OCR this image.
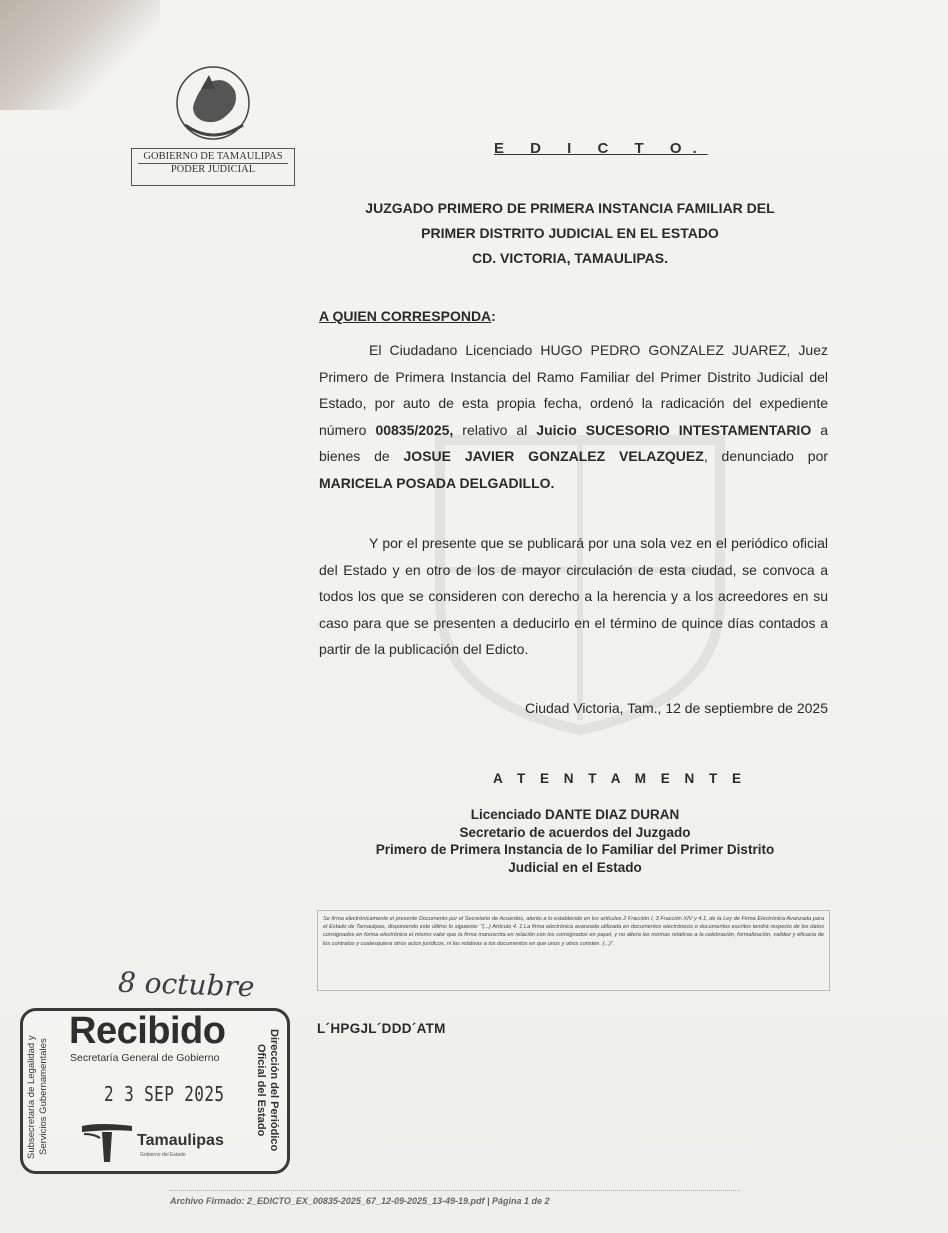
GOBIERNO DE TAMAULIPAS
PODER JUDICIAL
E D I C T O.
JUZGADO PRIMERO DE PRIMERA INSTANCIA FAMILIAR DEL
PRIMER DISTRITO JUDICIAL EN EL ESTADO
CD. VICTORIA, TAMAULIPAS.
A QUIEN CORRESPONDA:
El Ciudadano Licenciado HUGO PEDRO GONZALEZ JUAREZ, Juez Primero de Primera Instancia del Ramo Familiar del Primer Distrito Judicial del Estado, por auto de esta propia fecha, ordenó la radicación del expediente número 00835/2025, relativo al Juicio SUCESORIO INTESTAMENTARIO a bienes de JOSUE JAVIER GONZALEZ VELAZQUEZ, denunciado por MARICELA POSADA DELGADILLO.
Y por el presente que se publicará por una sola vez en el periódico oficial del Estado y en otro de los de mayor circulación de esta ciudad, se convoca a todos los que se consideren con derecho a la herencia y a los acreedores en su caso para que se presenten a deducirlo en el término de quince días contados a partir de la publicación del Edicto.
Ciudad Victoria, Tam., 12 de septiembre de 2025
A T E N T A M E N T E
Licenciado DANTE DIAZ DURAN
Secretario de acuerdos del Juzgado
Primero de Primera Instancia de lo Familiar del Primer Distrito
Judicial en el Estado
Se firma electrónicamente el presente Documento por el Secretario de Acuerdos, atento a lo establecido en los artículos 2 Fracción I, 3 Fracción XIV y 4.1, de la Ley de Firma Electrónica Avanzada para el Estado de Tamaulipas, disponiendo este último lo siguiente: "(...) Artículo 4. 1.La firma electrónica avanzada utilizada en documentos electrónicos o documentos escritos tendrá respecto de los datos consignados en forma electrónica el mismo valor que la firma manuscrita en relación con los consignados en papel, y no altera las normas relativas a la celebración, formalización, validez y eficacia de los contratos y cualesquiera otros actos jurídicos, ni las relativas a los documentos en que unos y otros consten. (...)".
L´HPGJL´DDD´ATM
Subsecretaría de Legalidad y Servicios Gubernamentales	Dirección del Periódico Oficial del Estado
Recibido
Secretaría General de Gobierno
2 3 SEP 2025
Tamaulipas
Gobierno del Estado
8 octubre
Archivo Firmado: 2_EDICTO_EX_00835-2025_67_12-09-2025_13-49-19.pdf | Página 1 de 2
